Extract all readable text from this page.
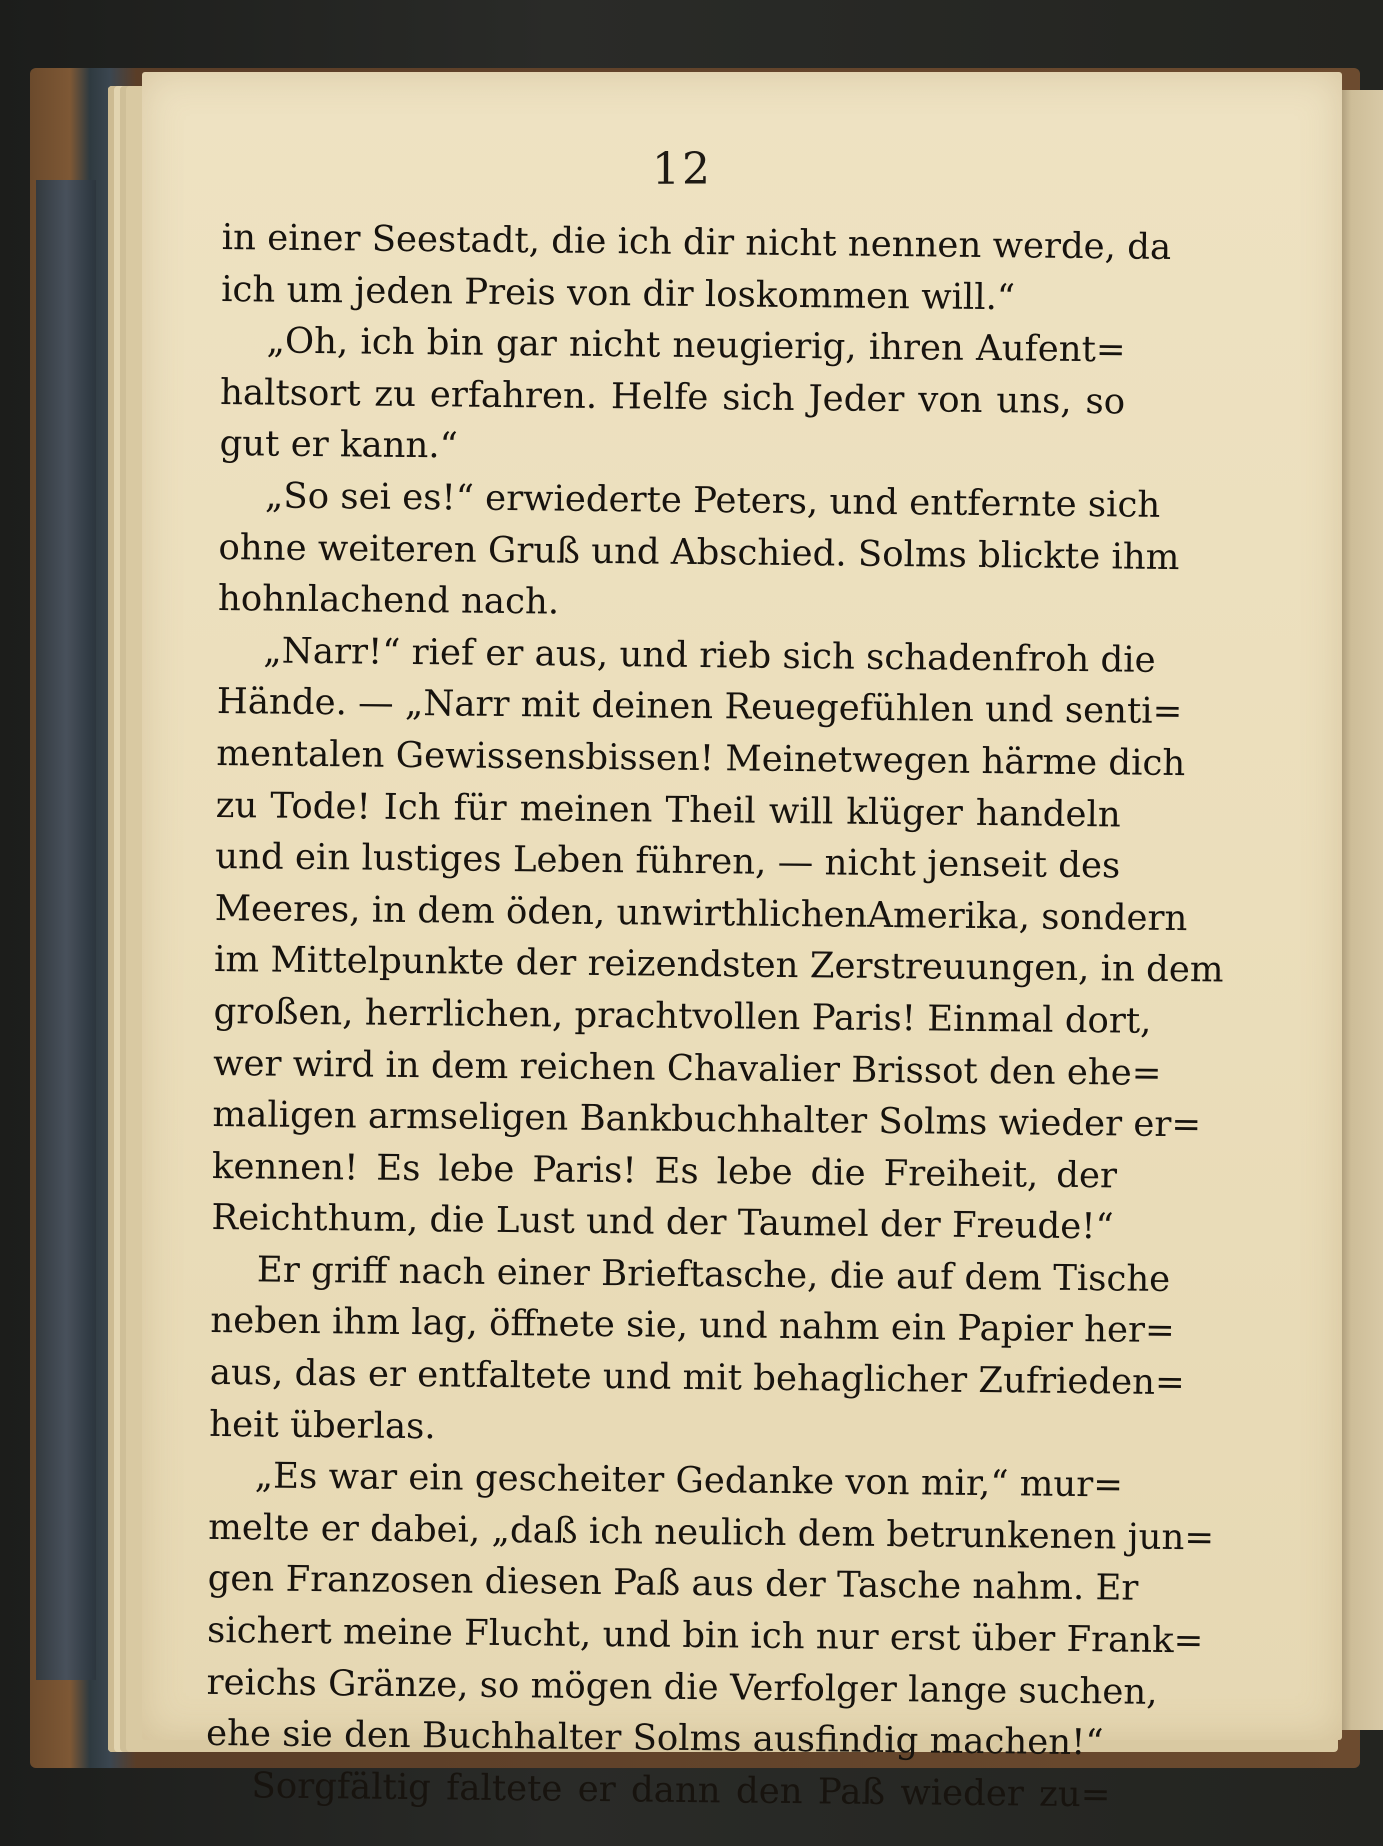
12
in einer Seestadt, die ich dir nicht nennen werde, da
ich um jeden Preis von dir loskommen will.“
„Oh, ich bin gar nicht neugierig, ihren Aufent=
haltsort zu erfahren. Helfe sich Jeder von uns, so
gut er kann.“
„So sei es!“ erwiederte Peters, und entfernte sich
ohne weiteren Gruß und Abschied. Solms blickte ihm
hohnlachend nach.
„Narr!“ rief er aus, und rieb sich schadenfroh die
Hände. — „Narr mit deinen Reuegefühlen und senti=
mentalen Gewissensbissen! Meinetwegen härme dich
zu Tode! Ich für meinen Theil will klüger handeln
und ein lustiges Leben führen, — nicht jenseit des
Meeres, in dem öden, unwirthlichenAmerika, sondern
im Mittelpunkte der reizendsten Zerstreuungen, in dem
großen, herrlichen, prachtvollen Paris! Einmal dort,
wer wird in dem reichen Chavalier Brissot den ehe=
maligen armseligen Bankbuchhalter Solms wieder er=
kennen! Es lebe Paris! Es lebe die Freiheit, der
Reichthum, die Lust und der Taumel der Freude!“
Er griff nach einer Brieftasche, die auf dem Tische
neben ihm lag, öffnete sie, und nahm ein Papier her=
aus, das er entfaltete und mit behaglicher Zufrieden=
heit überlas.
„Es war ein gescheiter Gedanke von mir,“ mur=
melte er dabei, „daß ich neulich dem betrunkenen jun=
gen Franzosen diesen Paß aus der Tasche nahm. Er
sichert meine Flucht, und bin ich nur erst über Frank=
reichs Gränze, so mögen die Verfolger lange suchen,
ehe sie den Buchhalter Solms ausfindig machen!“
Sorgfältig faltete er dann den Paß wieder zu=
